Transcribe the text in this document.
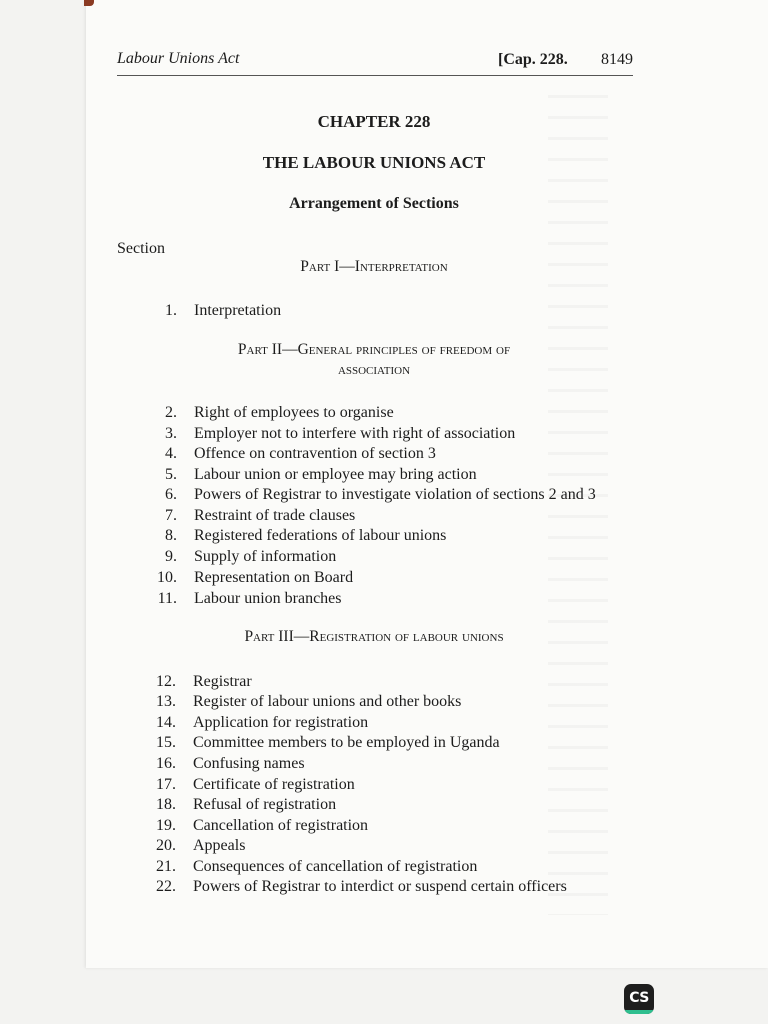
Labour Unions Act	[Cap. 228. 8149
CHAPTER 228
THE LABOUR UNIONS ACT
Arrangement of Sections
Section
Part I—Interpretation
Part II—General principles of freedom of
association
Part III—Registration of labour unions
1. Interpretation
2. Right of employees to organise
3. Employer not to interfere with right of association
4. Offence on contravention of section 3
5. Labour union or employee may bring action
6. Powers of Registrar to investigate violation of sections 2 and 3
7. Restraint of trade clauses
8. Registered federations of labour unions
9. Supply of information
10. Representation on Board
11. Labour union branches
12. Registrar
13. Register of labour unions and other books
14. Application for registration
15. Committee members to be employed in Uganda
16. Confusing names
17. Certificate of registration
18. Refusal of registration
19. Cancellation of registration
20. Appeals
21. Consequences of cancellation of registration
22. Powers of Registrar to interdict or suspend certain officers
CS
